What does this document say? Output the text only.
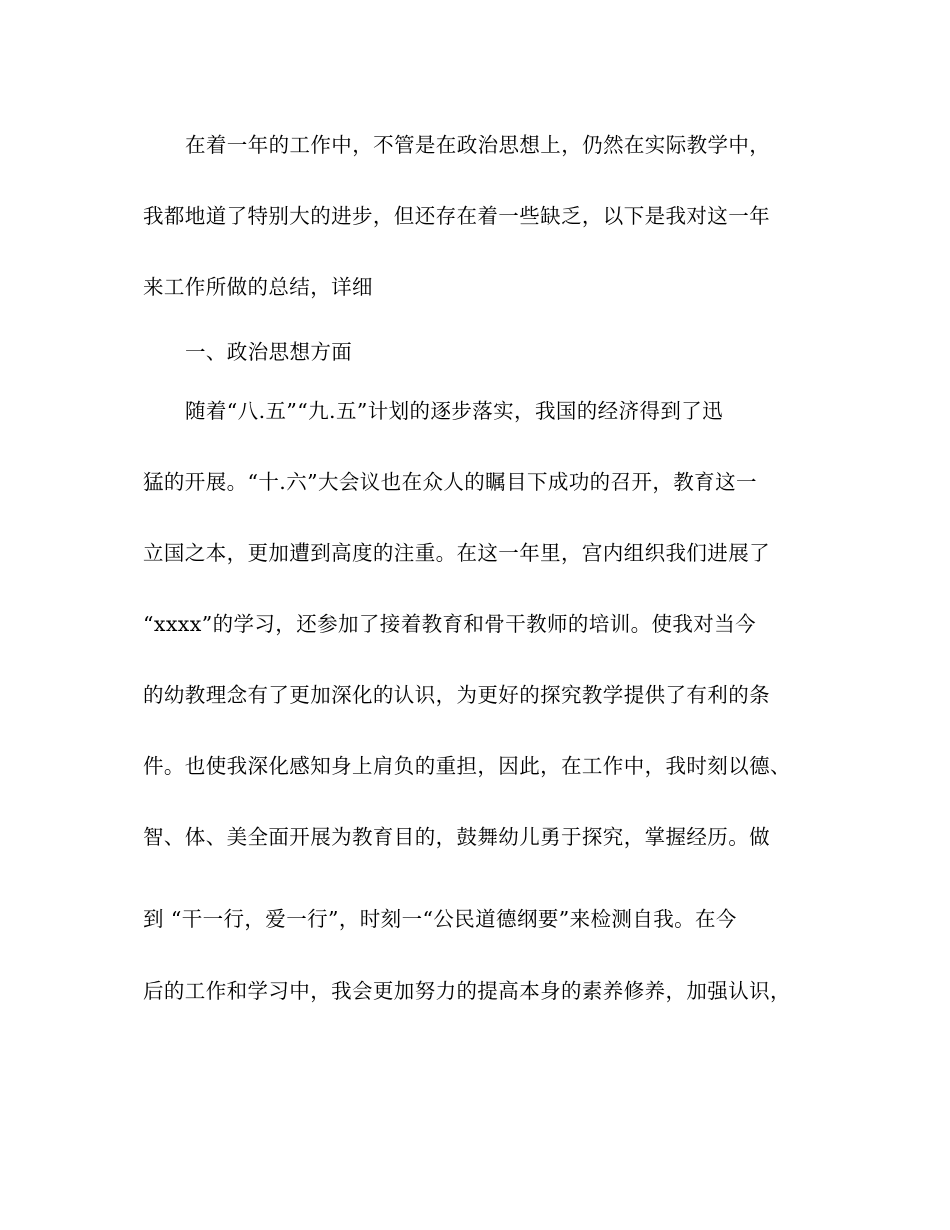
在着一年的工作中，不管是在政治思想上，仍然在实际教学中，
我都地道了特别大的进步，但还存在着一些缺乏，以下是我对这一年
来工作所做的总结，详细
一、政治思想方面
随着“八.五”“九.五”计划的逐步落实，我国的经济得到了迅
猛的开展。“十.六”大会议也在众人的瞩目下成功的召开，教育这一
立国之本，更加遭到高度的注重。在这一年里，宫内组织我们进展了
“xxxx”的学习，还参加了接着教育和骨干教师的培训。使我对当今
的幼教理念有了更加深化的认识，为更好的探究教学提供了有利的条
件。也使我深化感知身上肩负的重担，因此，在工作中，我时刻以德、
智、体、美全面开展为教育目的，鼓舞幼儿勇于探究，掌握经历。做
到 “干一行，爱一行”，时刻一“公民道德纲要”来检测自我。在今
后的工作和学习中，我会更加努力的提高本身的素养修养，加强认识，
